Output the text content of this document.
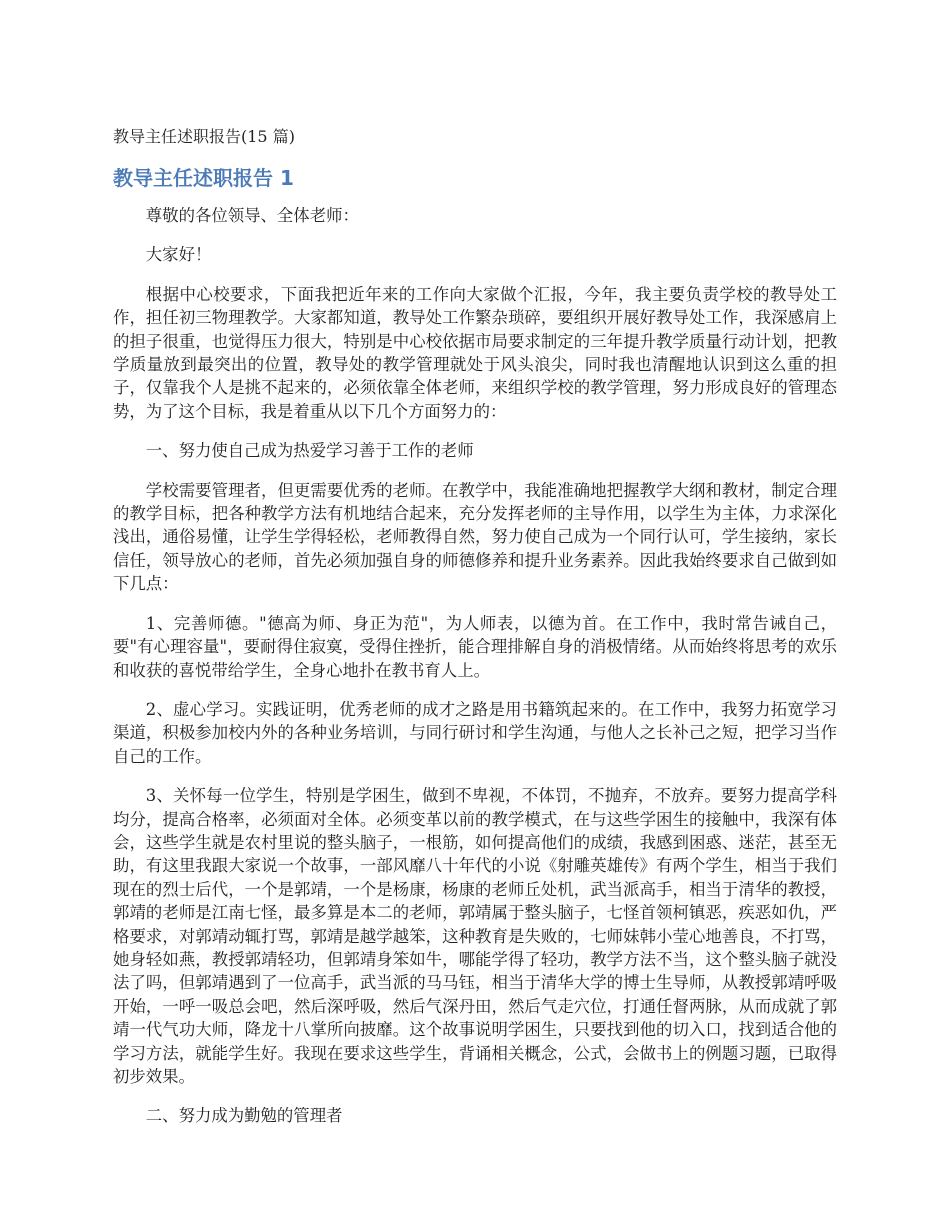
教导主任述职报告(15 篇)
教导主任述职报告 1

尊敬的各位领导、全体老师：

大家好！

根据中心校要求，下面我把近年来的工作向大家做个汇报，今年，我主要负责学校的教导处工作，担任初三物理教学。大家都知道，教导处工作繁杂琐碎，要组织开展好教导处工作，我深感肩上的担子很重，也觉得压力很大，特别是中心校依据市局要求制定的三年提升教学质量行动计划，把教学质量放到最突出的位置，教导处的教学管理就处于风头浪尖，同时我也清醒地认识到这么重的担子，仅靠我个人是挑不起来的，必须依靠全体老师，来组织学校的教学管理，努力形成良好的管理态势，为了这个目标，我是着重从以下几个方面努力的：

一、努力使自己成为热爱学习善于工作的老师

学校需要管理者，但更需要优秀的老师。在教学中，我能准确地把握教学大纲和教材，制定合理的教学目标，把各种教学方法有机地结合起来，充分发挥老师的主导作用，以学生为主体，力求深化浅出，通俗易懂，让学生学得轻松，老师教得自然，努力使自己成为一个同行认可，学生接纳，家长信任，领导放心的老师，首先必须加强自身的师德修养和提升业务素养。因此我始终要求自己做到如下几点：

1、完善师德。"德高为师、身正为范"，为人师表，以德为首。在工作中，我时常告诫自己，要"有心理容量"，要耐得住寂寞，受得住挫折，能合理排解自身的消极情绪。从而始终将思考的欢乐和收获的喜悦带给学生，全身心地扑在教书育人上。

2、虚心学习。实践证明，优秀老师的成才之路是用书籍筑起来的。在工作中，我努力拓宽学习渠道，积极参加校内外的各种业务培训，与同行研讨和学生沟通，与他人之长补己之短，把学习当作自己的工作。

3、关怀每一位学生，特别是学困生，做到不卑视，不体罚，不抛弃，不放弃。要努力提高学科均分，提高合格率，必须面对全体。必须变革以前的教学模式，在与这些学困生的接触中，我深有体会，这些学生就是农村里说的整头脑子，一根筋，如何提高他们的成绩，我感到困惑、迷茫，甚至无助，有这里我跟大家说一个故事，一部风靡八十年代的小说《射雕英雄传》有两个学生，相当于我们现在的烈士后代，一个是郭靖，一个是杨康，杨康的老师丘处机，武当派高手，相当于清华的教授，郭靖的老师是江南七怪，最多算是本二的老师，郭靖属于整头脑子，七怪首领柯镇恶，疾恶如仇，严格要求，对郭靖动辄打骂，郭靖是越学越笨，这种教育是失败的，七师妹韩小莹心地善良，不打骂，她身轻如燕，教授郭靖轻功，但郭靖身笨如牛，哪能学得了轻功，教学方法不当，这个整头脑子就没法了吗，但郭靖遇到了一位高手，武当派的马马钰，相当于清华大学的博士生导师，从教授郭靖呼吸开始，一呼一吸总会吧，然后深呼吸，然后气深丹田，然后气走穴位，打通任督两脉，从而成就了郭靖一代气功大师，降龙十八掌所向披靡。这个故事说明学困生，只要找到他的切入口，找到适合他的学习方法，就能学生好。我现在要求这些学生，背诵相关概念，公式，会做书上的例题习题，已取得初步效果。

二、努力成为勤勉的管理者
